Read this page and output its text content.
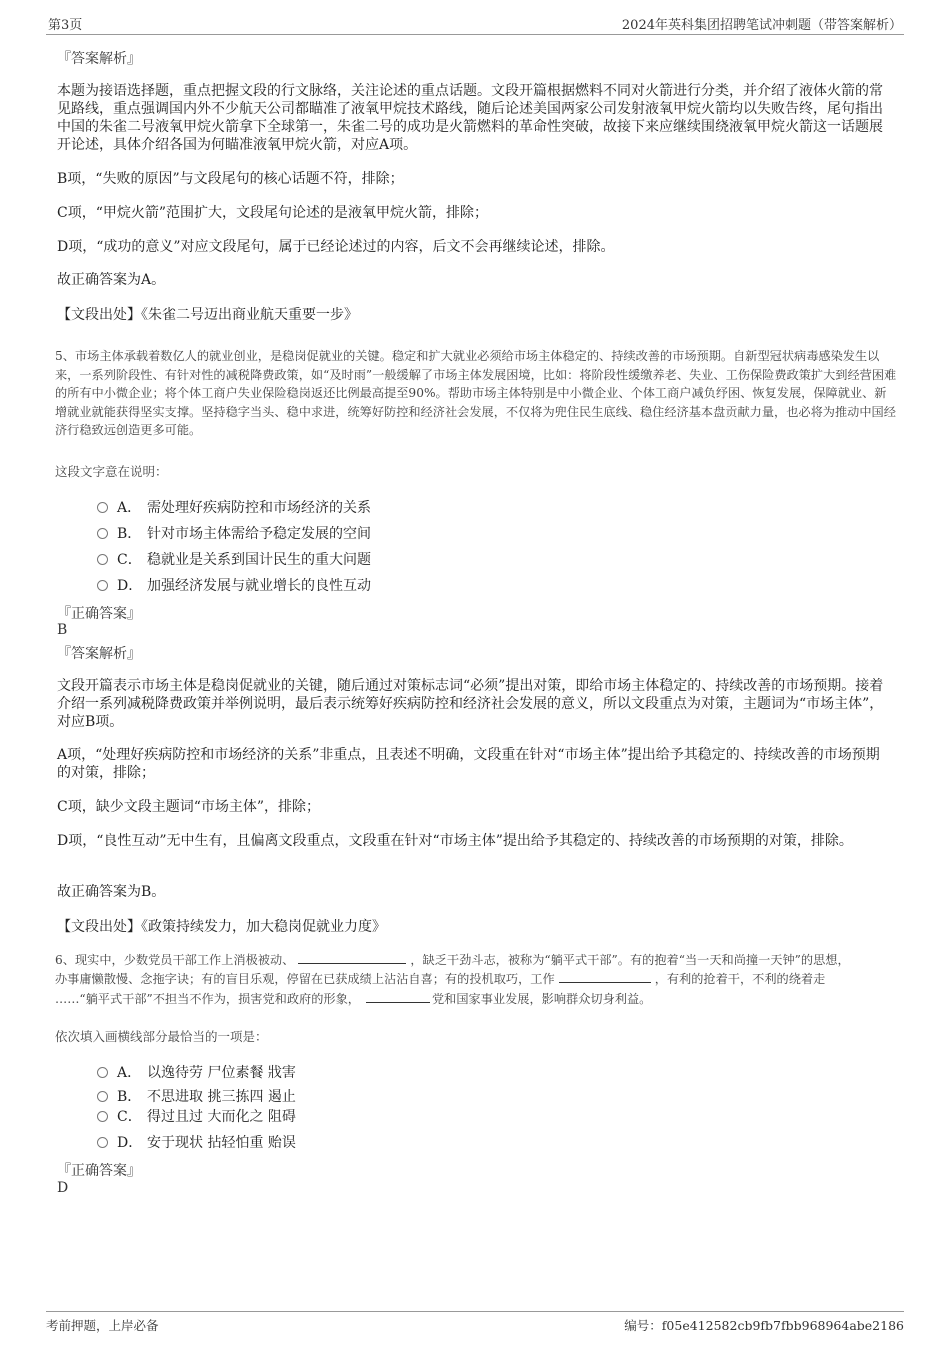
第3页	2024年英科集团招聘笔试冲刺题（带答案解析）
『答案解析』
本题为接语选择题，重点把握文段的行文脉络，关注论述的重点话题。文段开篇根据燃料不同对火箭进行分类，并介绍了液体火箭的常见路线，重点强调国内外不少航天公司都瞄准了液氧甲烷技术路线，随后论述美国两家公司发射液氧甲烷火箭均以失败告终，尾句指出中国的朱雀二号液氧甲烷火箭拿下全球第一，朱雀二号的成功是火箭燃料的革命性突破，故接下来应继续围绕液氧甲烷火箭这一话题展开论述，具体介绍各国为何瞄准液氧甲烷火箭，对应A项。
B项，“失败的原因”与文段尾句的核心话题不符，排除；
C项，“甲烷火箭”范围扩大，文段尾句论述的是液氧甲烷火箭，排除；
D项，“成功的意义”对应文段尾句，属于已经论述过的内容，后文不会再继续论述，排除。
故正确答案为A。
【文段出处】《朱雀二号迈出商业航天重要一步》
5、市场主体承载着数亿人的就业创业，是稳岗促就业的关键。稳定和扩大就业必须给市场主体稳定的、持续改善的市场预期。自新型冠状病毒感染发生以来，一系列阶段性、有针对性的减税降费政策，如“及时雨”一般缓解了市场主体发展困境，比如：将阶段性缓缴养老、失业、工伤保险费政策扩大到经营困难的所有中小微企业；将个体工商户失业保险稳岗返还比例最高提至90%。帮助市场主体特别是中小微企业、个体工商户减负纾困、恢复发展，保障就业、新增就业就能获得坚实支撑。坚持稳字当头、稳中求进，统筹好防控和经济社会发展，不仅将为兜住民生底线、稳住经济基本盘贡献力量，也必将为推动中国经济行稳致远创造更多可能。
这段文字意在说明：
A． 需处理好疾病防控和市场经济的关系
B． 针对市场主体需给予稳定发展的空间
C． 稳就业是关系到国计民生的重大问题
D． 加强经济发展与就业增长的良性互动
『正确答案』
B
『答案解析』
文段开篇表示市场主体是稳岗促就业的关键，随后通过对策标志词“必须”提出对策，即给市场主体稳定的、持续改善的市场预期。接着介绍一系列减税降费政策并举例说明，最后表示统筹好疾病防控和经济社会发展的意义，所以文段重点为对策，主题词为“市场主体”，对应B项。
A项，“处理好疾病防控和市场经济的关系”非重点，且表述不明确，文段重在针对“市场主体”提出给予其稳定的、持续改善的市场预期的对策，排除；
C项，缺少文段主题词“市场主体”，排除；
D项，“良性互动”无中生有，且偏离文段重点，文段重在针对“市场主体”提出给予其稳定的、持续改善的市场预期的对策，排除。
故正确答案为B。
【文段出处】《政策持续发力，加大稳岗促就业力度》
6、现实中，少数党员干部工作上消极被动、	，缺乏干劲斗志，被称为“躺平式干部”。有的抱着“当一天和尚撞一天钟”的思想，
办事庸懒散慢、念拖字诀；有的盲目乐观，停留在已获成绩上沾沾自喜；有的投机取巧，工作	，有利的抢着干，不利的绕着走
……“躺平式干部”不担当不作为，损害党和政府的形象，	党和国家事业发展，影响群众切身利益。
依次填入画横线部分最恰当的一项是：
A． 以逸待劳 尸位素餐 戕害
B． 不思进取 挑三拣四 遏止
C． 得过且过 大而化之 阻碍
D． 安于现状 拈轻怕重 贻误
『正确答案』
D
考前押题，上岸必备	编号：f05e412582cb9fb7fbb968964abe2186
